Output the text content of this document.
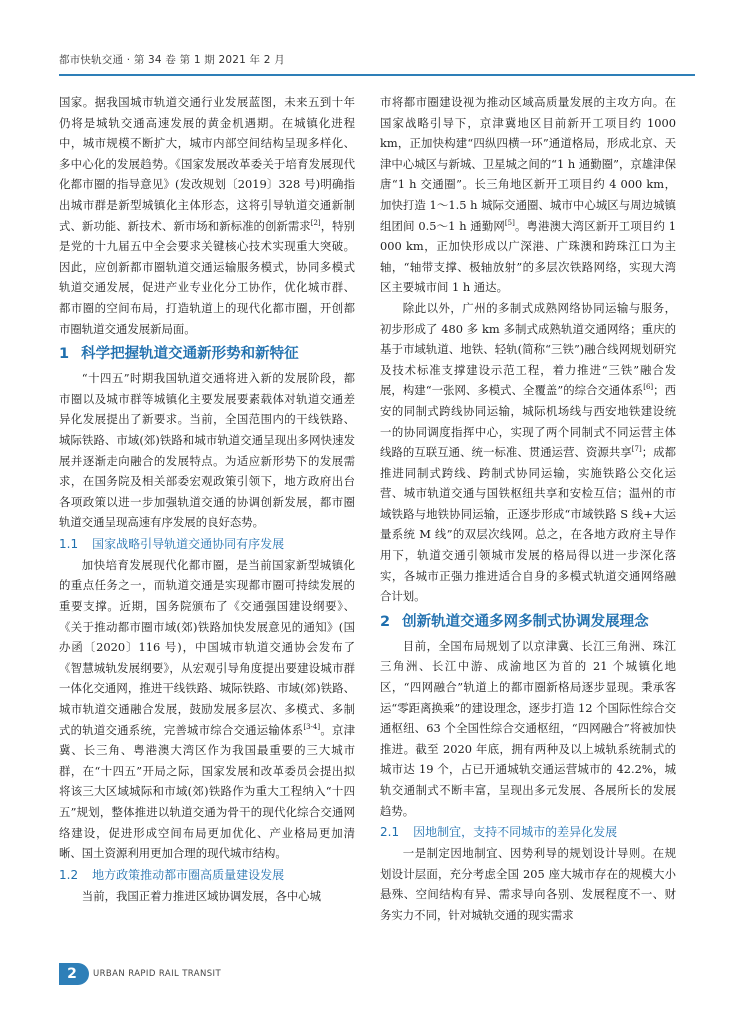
都市快轨交通 · 第 34 卷 第 1 期 2021 年 2 月

国家。据我国城市轨道交通行业发展蓝图，未来五到十年仍将是城轨交通高速发展的黄金机遇期。在城镇化进程中，城市规模不断扩大，城市内部空间结构呈现多样化、多中心化的发展趋势。《国家发展改革委关于培育发展现代化都市圈的指导意见》(发改规划〔2019〕328 号)明确指出城市群是新型城镇化主体形态，这将引导轨道交通新制式、新功能、新技术、新市场和新标准的创新需求[2]，特别是党的十九届五中全会要求关键核心技术实现重大突破。因此，应创新都市圈轨道交通运输服务模式，协同多模式轨道交通发展，促进产业专业化分工协作，优化城市群、都市圈的空间布局，打造轨道上的现代化都市圈，开创都市圈轨道交通发展新局面。

1 科学把握轨道交通新形势和新特征

“十四五”时期我国轨道交通将进入新的发展阶段，都市圈以及城市群等城镇化主要发展要素载体对轨道交通差异化发展提出了新要求。当前，全国范围内的干线铁路、城际铁路、市域(郊)铁路和城市轨道交通呈现出多网快速发展并逐渐走向融合的发展特点。为适应新形势下的发展需求，在国务院及相关部委宏观政策引领下，地方政府出台各项政策以进一步加强轨道交通的协调创新发展，都市圈轨道交通呈现高速有序发展的良好态势。

1.1 国家战略引导轨道交通协同有序发展

加快培育发展现代化都市圈，是当前国家新型城镇化的重点任务之一，而轨道交通是实现都市圈可持续发展的重要支撑。近期，国务院颁布了《交通强国建设纲要》、《关于推动都市圈市域(郊)铁路加快发展意见的通知》(国办函〔2020〕116 号)，中国城市轨道交通协会发布了《智慧城轨发展纲要》，从宏观引导角度提出要建设城市群一体化交通网，推进干线铁路、城际铁路、市域(郊)铁路、城市轨道交通融合发展，鼓励发展多层次、多模式、多制式的轨道交通系统，完善城市综合交通运输体系[3-4]。京津冀、长三角、粤港澳大湾区作为我国最重要的三大城市群，在“十四五”开局之际，国家发展和改革委员会提出拟将该三大区域城际和市域(郊)铁路作为重大工程纳入“十四五”规划，整体推进以轨道交通为骨干的现代化综合交通网络建设，促进形成空间布局更加优化、产业格局更加清晰、国土资源利用更加合理的现代城市结构。

1.2 地方政策推动都市圈高质量建设发展

当前，我国正着力推进区域协调发展，各中心城

市将都市圈建设视为推动区域高质量发展的主攻方向。在国家战略引导下，京津冀地区目前新开工项目约 1000 km，正加快构建“四纵四横一环”通道格局，形成北京、天津中心城区与新城、卫星城之间的“1 h 通勤圈”，京雄津保唐“1 h 交通圈”。长三角地区新开工项目约 4 000 km，加快打造 1～1.5 h 城际交通圈、城市中心城区与周边城镇组团间 0.5～1 h 通勤网[5]。粤港澳大湾区新开工项目约 1 000 km，正加快形成以广深港、广珠澳和跨珠江口为主轴，“轴带支撑、极轴放射”的多层次铁路网络，实现大湾区主要城市间 1 h 通达。

除此以外，广州的多制式成熟网络协同运输与服务，初步形成了 480 多 km 多制式成熟轨道交通网络；重庆的基于市域轨道、地铁、轻轨(简称“三铁”)融合线网规划研究及技术标准支撑建设示范工程，着力推进“三铁”融合发展，构建“一张网、多模式、全覆盖”的综合交通体系[6]；西安的同制式跨线协同运输，城际机场线与西安地铁建设统一的协同调度指挥中心，实现了两个同制式不同运营主体线路的互联互通、统一标准、贯通运营、资源共享[7]；成都推进同制式跨线、跨制式协同运输，实施铁路公交化运营、城市轨道交通与国铁枢纽共享和安检互信；温州的市域铁路与地铁协同运输，正逐步形成“市域铁路 S 线+大运量系统 M 线”的双层次线网。总之，在各地方政府主导作用下，轨道交通引领城市发展的格局得以进一步深化落实，各城市正强力推进适合自身的多模式轨道交通网络融合计划。

2 创新轨道交通多网多制式协调发展理念

目前，全国布局规划了以京津冀、长江三角洲、珠江三角洲、长江中游、成渝地区为首的 21 个城镇化地区，“四网融合”轨道上的都市圈新格局逐步显现。秉承客运“零距离换乘”的建设理念，逐步打造 12 个国际性综合交通枢纽、63 个全国性综合交通枢纽，“四网融合”将被加快推进。截至 2020 年底，拥有两种及以上城轨系统制式的城市达 19 个，占已开通城轨交通运营城市的 42.2%，城轨交通制式不断丰富，呈现出多元发展、各展所长的发展趋势。

2.1 因地制宜，支持不同城市的差异化发展

一是制定因地制宜、因势利导的规划设计导则。在规划设计层面，充分考虑全国 205 座大城市存在的规模大小悬殊、空间结构有异、需求导向各别、发展程度不一、财务实力不同，针对城轨交通的现实需求

2	URBAN RAPID RAIL TRANSIT
